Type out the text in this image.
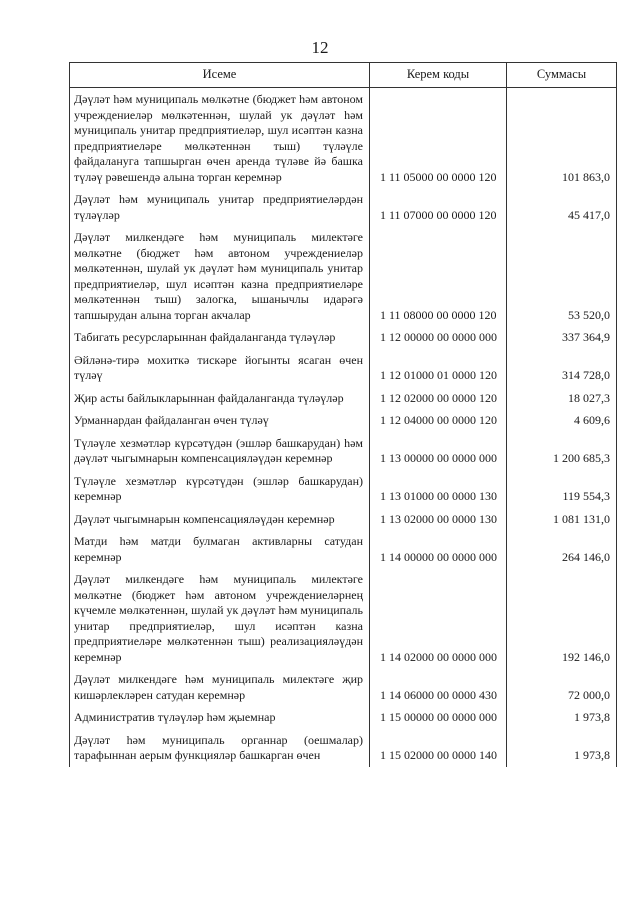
12
Исеме	Керем коды	Суммасы
Дәүләт һәм муниципаль мөлкәтне (бюджет һәм автоном учреждениеләр мөлкәтеннән, шулай ук дәүләт һәм муниципаль унитар предприятиеләр, шул исәптән казна предприятиеләре мөлкәтеннән тыш) түләүле файдалануга тапшырган өчен аренда түләве йә башка түләү рәвешендә алына торган керемнәр	1 11 05000 00 0000 120	101 863,0
Дәүләт һәм муниципаль унитар предприятиеләрдән түләүләр	1 11 07000 00 0000 120	45 417,0
Дәүләт милкендәге һәм муниципаль милектәге мөлкәтне (бюджет һәм автоном учреждениеләр мөлкәтеннән, шулай ук дәүләт һәм муниципаль унитар предприятиеләр, шул исәптән казна предприятиеләре мөлкәтеннән тыш) залогка, ышанычлы идарәгә тапшырудан алына торган акчалар	1 11 08000 00 0000 120	53 520,0
Табигать ресурсларыннан файдаланганда түләүләр	1 12 00000 00 0000 000	337 364,9
Әйләнә-тирә мохиткә тискәре йогынты ясаган өчен түләү	1 12 01000 01 0000 120	314 728,0
Җир асты байлыкларыннан файдаланганда түләүләр	1 12 02000 00 0000 120	18 027,3
Урманнардан файдаланган өчен түләү	1 12 04000 00 0000 120	4 609,6
Түләүле хезмәтләр күрсәтүдән (эшләр башкарудан) һәм дәүләт чыгымнарын компенсацияләүдән керемнәр	1 13 00000 00 0000 000	1 200 685,3
Түләүле хезмәтләр күрсәтүдән (эшләр башкарудан) керемнәр	1 13 01000 00 0000 130	119 554,3
Дәүләт чыгымнарын компенсацияләүдән керемнәр	1 13 02000 00 0000 130	1 081 131,0
Матди һәм матди булмаган активларны сатудан керемнәр	1 14 00000 00 0000 000	264 146,0
Дәүләт милкендәге һәм муниципаль милектәге мөлкәтне (бюджет һәм автоном учреждениеләрнең күчемле мөлкәтеннән, шулай ук дәүләт һәм муниципаль унитар предприятиеләр, шул исәптән казна предприятиеләре мөлкәтеннән тыш) реализацияләүдән керемнәр	1 14 02000 00 0000 000	192 146,0
Дәүләт милкендәге һәм муниципаль милектәге җир кишәрлекләрен сатудан керемнәр	1 14 06000 00 0000 430	72 000,0
Административ түләүләр һәм җыемнар	1 15 00000 00 0000 000	1 973,8
Дәүләт һәм муниципаль органнар (оешмалар) тарафыннан аерым функцияләр башкарган өчен	1 15 02000 00 0000 140	1 973,8
